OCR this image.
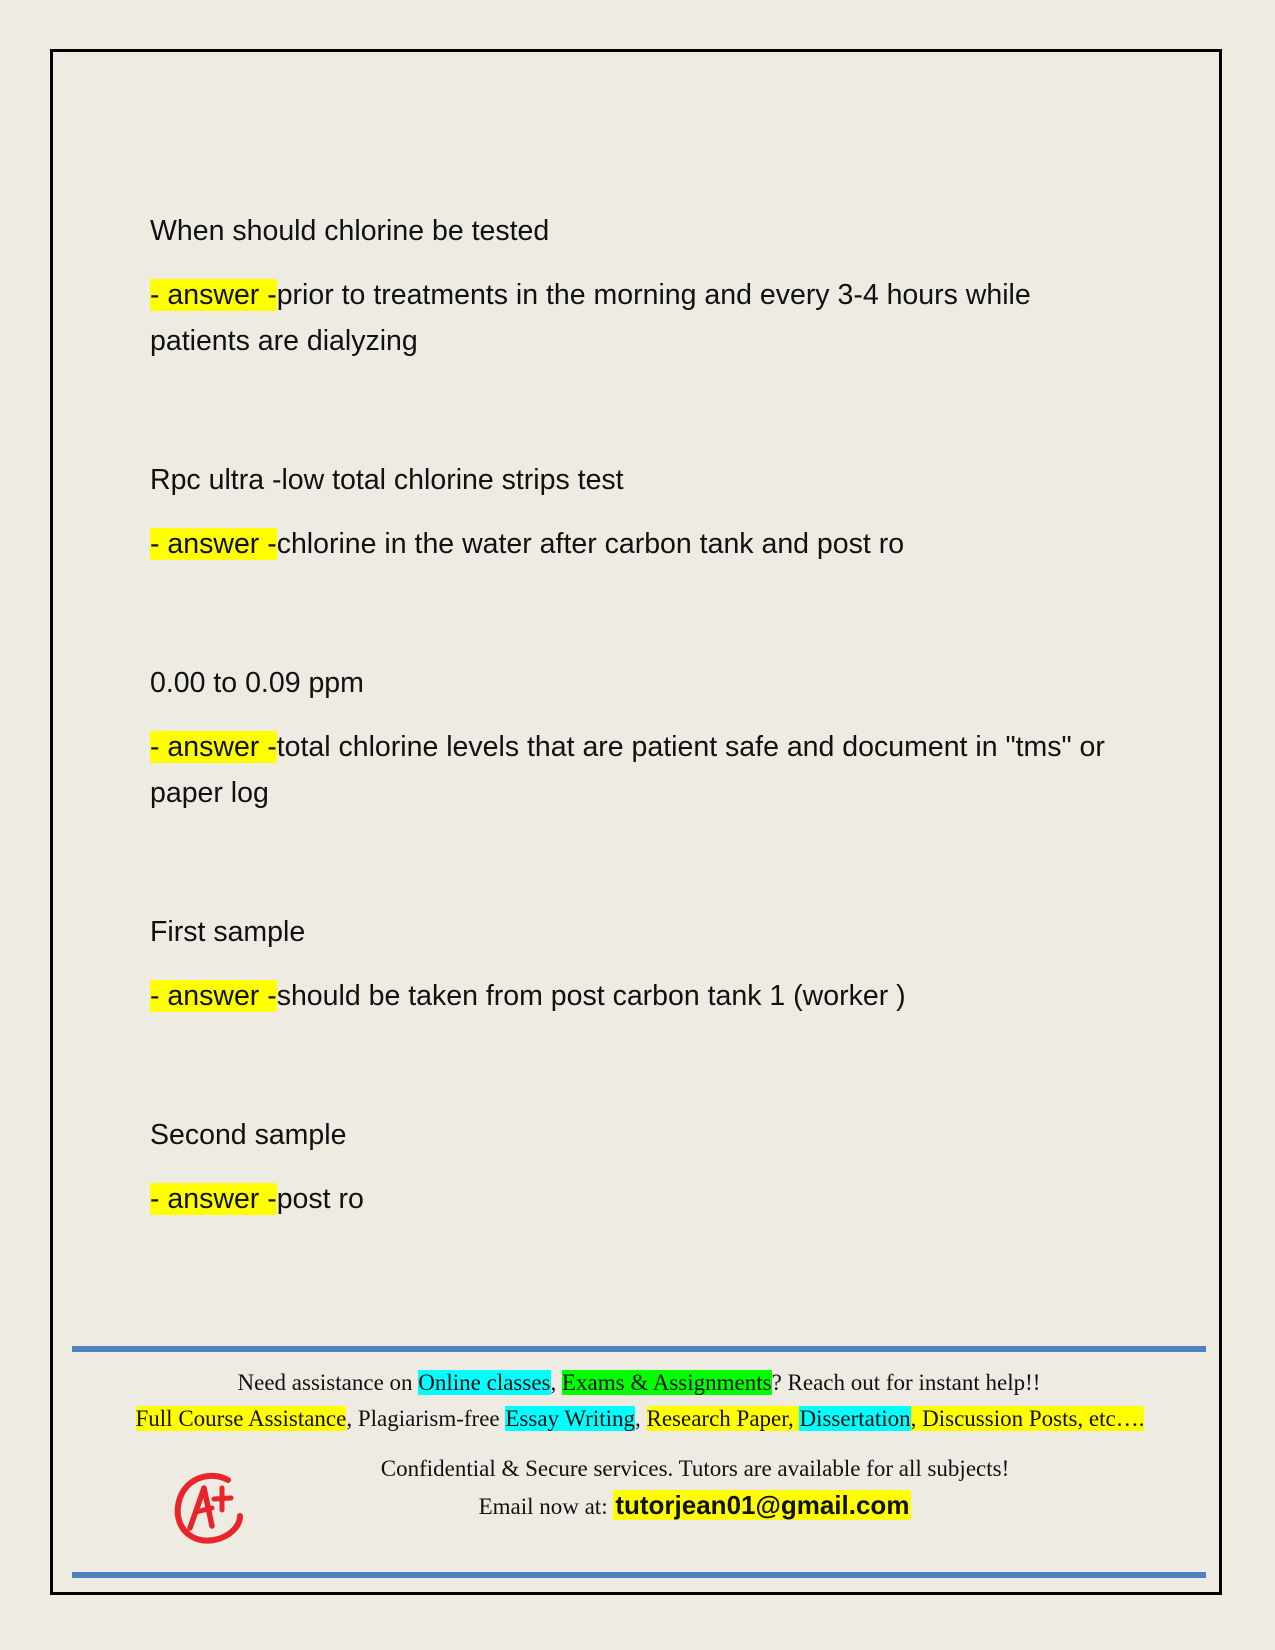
When should chlorine be tested

- answer -prior to treatments in the morning and every 3-4 hours while patients are dialyzing

Rpc ultra -low total chlorine strips test

- answer -chlorine in the water after carbon tank and post ro

0.00 to 0.09 ppm

- answer -total chlorine levels that are patient safe and document in "tms" or paper log

First sample

- answer -should be taken from post carbon tank 1 (worker )

Second sample

- answer -post ro

Need assistance on Online classes, Exams & Assignments? Reach out for instant help!!
Full Course Assistance, Plagiarism-free Essay Writing, Research Paper, Dissertation, Discussion Posts, etc….
Confidential & Secure services. Tutors are available for all subjects!
Email now at: tutorjean01@gmail.com
